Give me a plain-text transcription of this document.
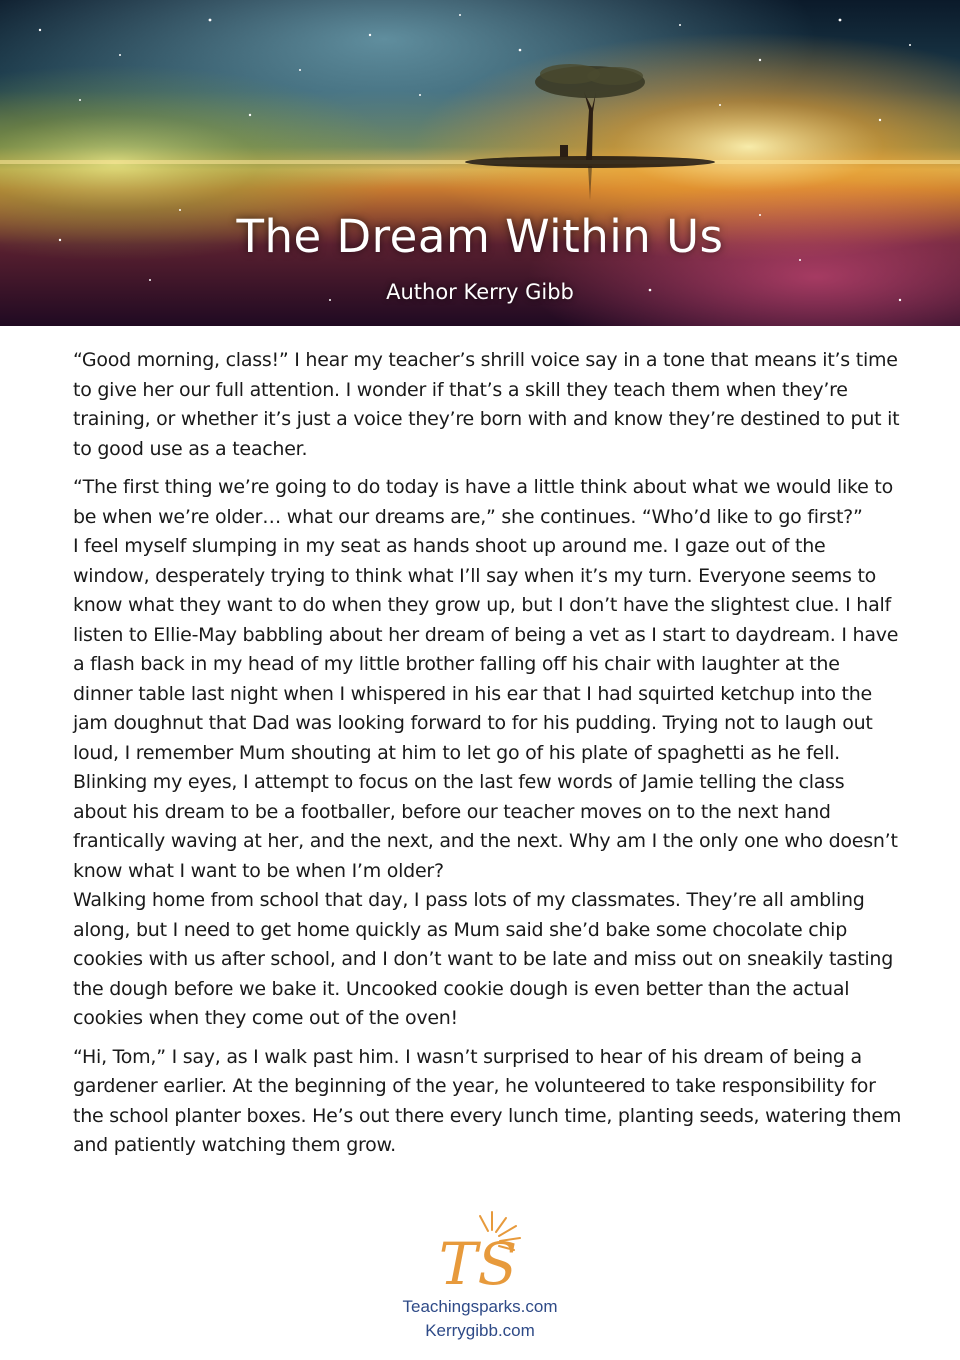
The Dream Within Us
Author Kerry Gibb

“Good morning, class!” I hear my teacher’s shrill voice say in a tone that means it’s time to give her our full attention. I wonder if that’s a skill they teach them when they’re training, or whether it’s just a voice they’re born with and know they’re destined to put it to good use as a teacher.

“The first thing we’re going to do today is have a little think about what we would like to be when we’re older… what our dreams are,” she continues. “Who’d like to go first?”

I feel myself slumping in my seat as hands shoot up around me. I gaze out of the window, desperately trying to think what I’ll say when it’s my turn. Everyone seems to know what they want to do when they grow up, but I don’t have the slightest clue. I half listen to Ellie-May babbling about her dream of being a vet as I start to daydream. I have a flash back in my head of my little brother falling off his chair with laughter at the dinner table last night when I whispered in his ear that I had squirted ketchup into the jam doughnut that Dad was looking forward to for his pudding. Trying not to laugh out loud, I remember Mum shouting at him to let go of his plate of spaghetti as he fell. Blinking my eyes, I attempt to focus on the last few words of Jamie telling the class about his dream to be a footballer, before our teacher moves on to the next hand frantically waving at her, and the next, and the next. Why am I the only one who doesn’t know what I want to be when I’m older?

Walking home from school that day, I pass lots of my classmates. They’re all ambling along, but I need to get home quickly as Mum said she’d bake some chocolate chip cookies with us after school, and I don’t want to be late and miss out on sneakily tasting the dough before we bake it. Uncooked cookie dough is even better than the actual cookies when they come out of the oven!

“Hi, Tom,” I say, as I walk past him. I wasn’t surprised to hear of his dream of being a gardener earlier. At the beginning of the year, he volunteered to take responsibility for the school planter boxes. He’s out there every lunch time, planting seeds, watering them and patiently watching them grow.

TS
Teachingsparks.com
Kerrygibb.com
